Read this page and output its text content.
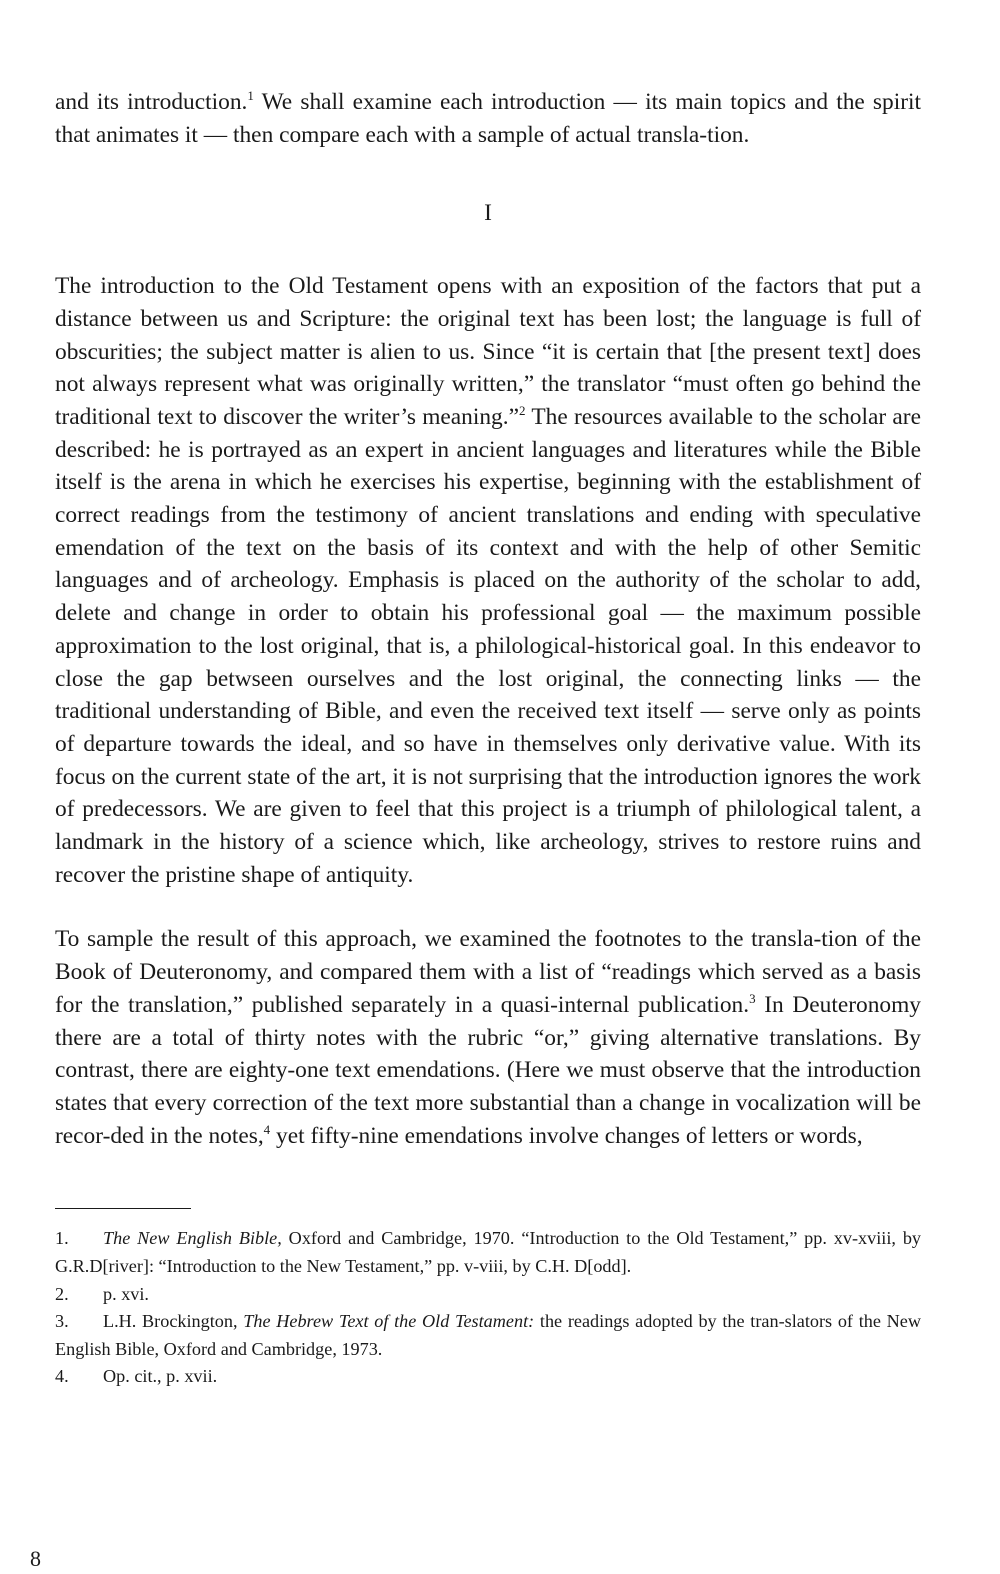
and its introduction.$^1$ We shall examine each introduction — its main topics and the spirit that animates it — then compare each with a sample of actual transla-tion.

I

The introduction to the Old Testament opens with an exposition of the factors that put a distance between us and Scripture: the original text has been lost; the language is full of obscurities; the subject matter is alien to us. Since “it is certain that [the present text] does not always represent what was originally written,” the translator “must often go behind the traditional text to discover the writer’s meaning.”$^2$ The resources available to the scholar are described: he is portrayed as an expert in ancient languages and literatures while the Bible itself is the arena in which he exercises his expertise, beginning with the establishment of correct readings from the testimony of ancient translations and ending with speculative emendation of the text on the basis of its context and with the help of other Semitic languages and of archeology. Emphasis is placed on the authority of the scholar to add, delete and change in order to obtain his professional goal — the maximum possible approximation to the lost original, that is, a philological-historical goal. In this endeavor to close the gap betwseen ourselves and the lost original, the connecting links — the traditional understanding of Bible, and even the received text itself — serve only as points of departure towards the ideal, and so have in themselves only derivative value. With its focus on the current state of the art, it is not surprising that the introduction ignores the work of predecessors. We are given to feel that this project is a triumph of philological talent, a landmark in the history of a science which, like archeology, strives to restore ruins and recover the pristine shape of antiquity.

To sample the result of this approach, we examined the footnotes to the transla-tion of the Book of Deuteronomy, and compared them with a list of “readings which served as a basis for the translation,” published separately in a quasi-internal publication.$^3$ In Deuteronomy there are a total of thirty notes with the rubric “or,” giving alternative translations. By contrast, there are eighty-one text emendations. (Here we must observe that the introduction states that every correction of the text more substantial than a change in vocalization will be recor-ded in the notes,$^4$ yet fifty-nine emendations involve changes of letters or words,

1. The New English Bible, Oxford and Cambridge, 1970. “Introduction to the Old Testament,” pp. xv-xviii, by G.R.D[river]: “Introduction to the New Testament,” pp. v-viii, by C.H. D[odd].

2. p. xvi.

3. L.H. Brockington, The Hebrew Text of the Old Testament: the readings adopted by the tran-slators of the New English Bible, Oxford and Cambridge, 1973.

4. Op. cit., p. xvii.

8
